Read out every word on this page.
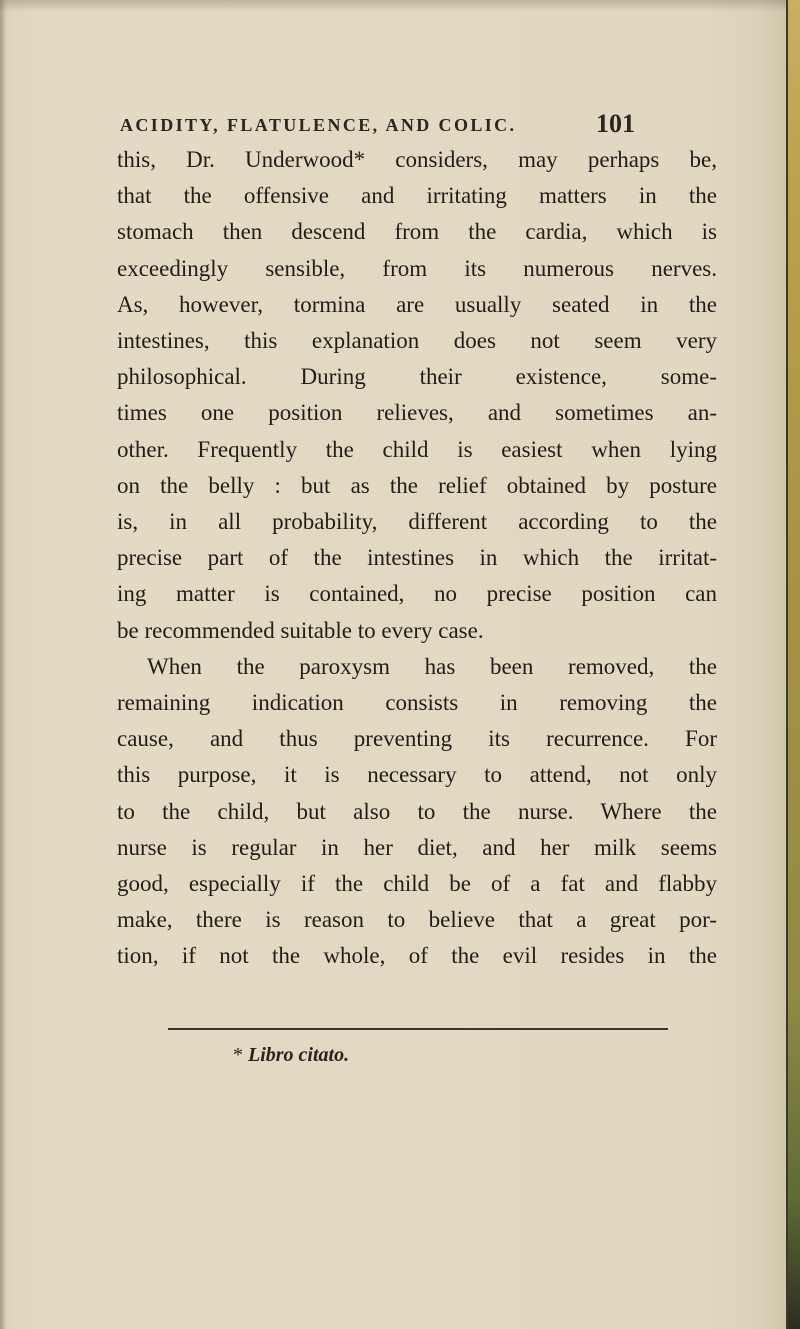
ACIDITY, FLATULENCE, AND COLIC.	101
this, Dr. Underwood* considers, may perhaps be,
that the offensive and irritating matters in the
stomach then descend from the cardia, which is
exceedingly sensible, from its numerous nerves.
As, however, tormina are usually seated in the
intestines, this explanation does not seem very
philosophical. During their existence, some-
times one position relieves, and sometimes an-
other. Frequently the child is easiest when lying
on the belly : but as the relief obtained by posture
is, in all probability, different according to the
precise part of the intestines in which the irritat-
ing matter is contained, no precise position can
be recommended suitable to every case.
When the paroxysm has been removed, the
remaining indication consists in removing the
cause, and thus preventing its recurrence. For
this purpose, it is necessary to attend, not only
to the child, but also to the nurse. Where the
nurse is regular in her diet, and her milk seems
good, especially if the child be of a fat and flabby
make, there is reason to believe that a great por-
tion, if not the whole, of the evil resides in the
* Libro citato.
